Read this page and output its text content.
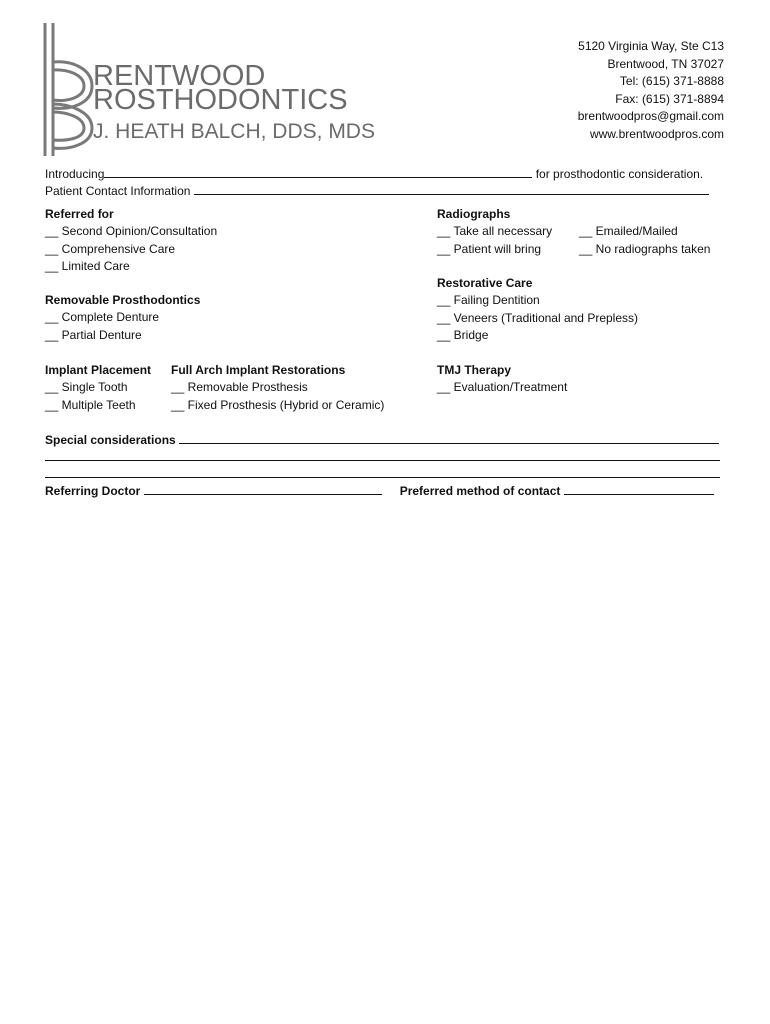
RENTWOOD
ROSTHODONTICS
J. HEATH BALCH, DDS, MDS
5120 Virginia Way, Ste C13
Brentwood, TN 37027
Tel: (615) 371-8888
Fax: (615) 371-8894
brentwoodpros@gmail.com
www.brentwoodpros.com
Introducing	for prosthodontic consideration.
Patient Contact Information
Referred for
__ Second Opinion/Consultation
__ Comprehensive Care
__ Limited Care
Radiographs
__ Take all necessary
__ Patient will bring
__ Emailed/Mailed
__ No radiographs taken
Restorative Care
__ Failing Dentition
__ Veneers (Traditional and Prepless)
__ Bridge
Removable Prosthodontics
__ Complete Denture
__ Partial Denture
Implant Placement
__ Single Tooth
__ Multiple Teeth
Full Arch Implant Restorations
__ Removable Prosthesis
__ Fixed Prosthesis (Hybrid or Ceramic)
TMJ Therapy
__ Evaluation/Treatment
Special considerations
Referring Doctor	Preferred method of contact
